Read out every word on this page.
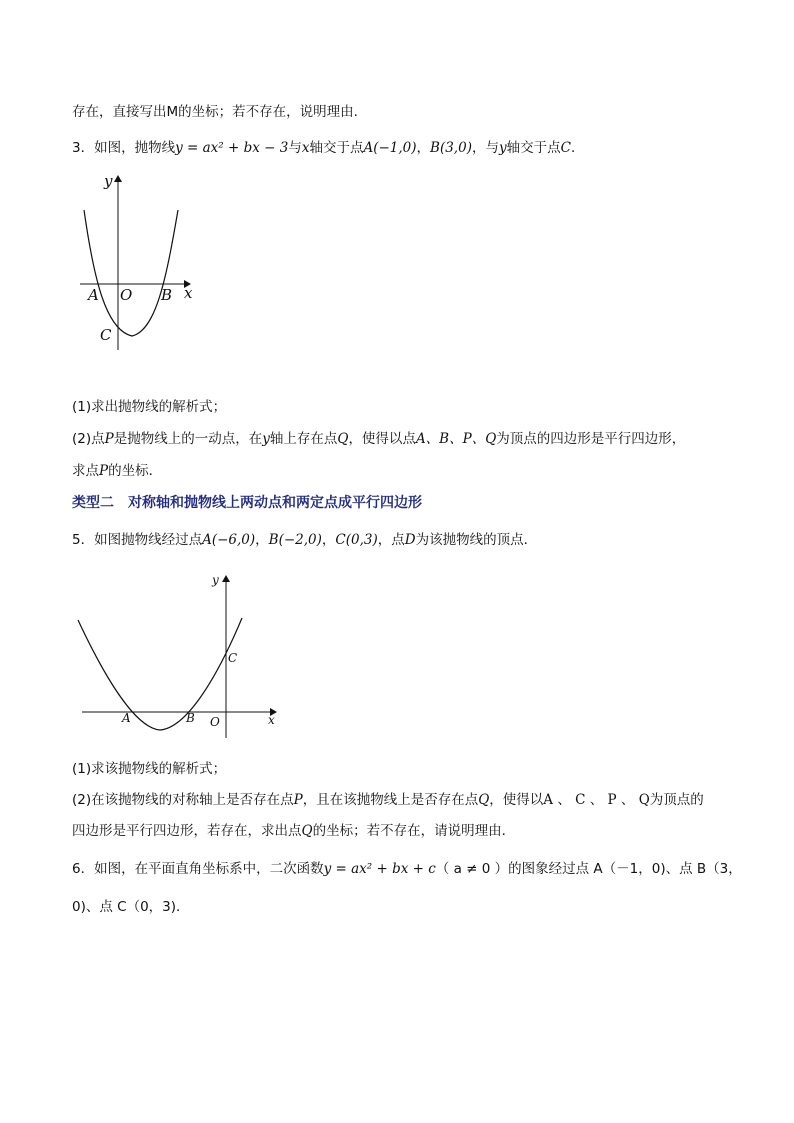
存在，直接写出M的坐标；若不存在，说明理由.
3．如图，抛物线y = ax² + bx − 3与x轴交于点A(−1,0)，B(3,0)，与y轴交于点C.
y
x
A O B
C
(1)求出抛物线的解析式；
(2)点P是抛物线上的一动点，在y轴上存在点Q，使得以点A、B、P、Q为顶点的四边形是平行四边形，
求点P的坐标．
类型二　对称轴和抛物线上两动点和两定点成平行四边形
5．如图抛物线经过点A(−6,0)，B(−2,0)，C(0,3)，点D为该抛物线的顶点．
y
x
A	B O
C
(1)求该抛物线的解析式；
(2)在该抛物线的对称轴上是否存在点P，且在该抛物线上是否存在点Q，使得以A 、 C 、 P 、 Q为顶点的
四边形是平行四边形，若存在，求出点Q的坐标；若不存在，请说明理由．
6．如图，在平面直角坐标系中，二次函数y = ax² + bx + c（ a ≠ 0 ）的图象经过点 A（－1，0)、点 B（3，
0)、点 C（0，3)．
